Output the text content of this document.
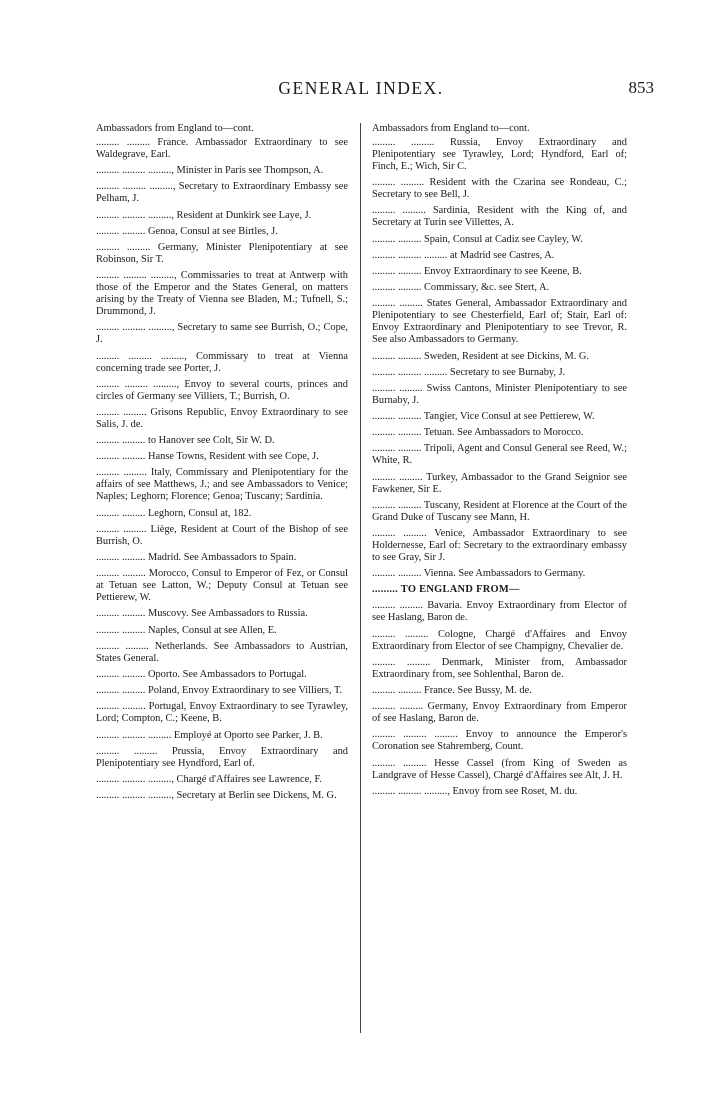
GENERAL INDEX.	853
Ambassadors from England to—cont.
......... ......... France. Ambassador Extraordinary to see Waldegrave, Earl.
......... ......... ........., Minister in Paris see Thompson, A.
......... ......... ........., Secretary to Extraordinary Embassy see Pelham, J.
......... ......... ........., Resident at Dunkirk see Laye, J.
......... ......... Genoa, Consul at see Birtles, J.
......... ......... Germany, Minister Plenipotentiary at see Robinson, Sir T.
......... ......... ........., Commissaries to treat at Antwerp with those of the Emperor and the States General, on matters arising by the Treaty of Vienna see Bladen, M.; Tufnell, S.; Drummond, J.
......... ......... ........., Secretary to same see Burrish, O.; Cope, J.
......... ......... ........., Commissary to treat at Vienna concerning trade see Porter, J.
......... ......... ........., Envoy to several courts, princes and circles of Germany see Villiers, T.; Burrish, O.
......... ......... Grisons Republic, Envoy Extraordinary to see Salis, J. de.
......... ......... to Hanover see Colt, Sir W. D.
......... ......... Hanse Towns, Resident with see Cope, J.
......... ......... Italy, Commissary and Plenipotentiary for the affairs of see Matthews, J.; and see Ambassadors to Venice; Naples; Leghorn; Florence; Genoa; Tuscany; Sardinia.
......... ......... Leghorn, Consul at, 182.
......... ......... Liège, Resident at Court of the Bishop of see Burrish, O.
......... ......... Madrid. See Ambassadors to Spain.
......... ......... Morocco, Consul to Emperor of Fez, or Consul at Tetuan see Latton, W.; Deputy Consul at Tetuan see Pettierew, W.
......... ......... Muscovy. See Ambassadors to Russia.
......... ......... Naples, Consul at see Allen, E.
......... ......... Netherlands. See Ambassadors to Austrian, States General.
......... ......... Oporto. See Ambassadors to Portugal.
......... ......... Poland, Envoy Extraordinary to see Villiers, T.
......... ......... Portugal, Envoy Extraordinary to see Tyrawley, Lord; Compton, C.; Keene, B.
......... ......... ......... Employé at Oporto see Parker, J. B.
......... ......... Prussia, Envoy Extraordinary and Plenipotentiary see Hyndford, Earl of.
......... ......... ........., Chargé d'Affaires see Lawrence, F.
......... ......... ........., Secretary at Berlin see Dickens, M. G.
Ambassadors from England to—cont.
......... ......... Russia, Envoy Extraordinary and Plenipotentiary see Tyrawley, Lord; Hyndford, Earl of; Finch, E.; Wich, Sir C.
......... ......... Resident with the Czarina see Rondeau, C.; Secretary to see Bell, J.
......... ......... Sardinia, Resident with the King of, and Secretary at Turin see Villettes, A.
......... ......... Spain, Consul at Cadiz see Cayley, W.
......... ......... ......... at Madrid see Castres, A.
......... ......... Envoy Extraordinary to see Keene, B.
......... ......... Commissary, &c. see Stert, A.
......... ......... States General, Ambassador Extraordinary and Plenipotentiary to see Chesterfield, Earl of; Stair, Earl of: Envoy Extraordinary and Plenipotentiary to see Trevor, R. See also Ambassadors to Germany.
......... ......... Sweden, Resident at see Dickins, M. G.
......... ......... ......... Secretary to see Burnaby, J.
......... ......... Swiss Cantons, Minister Plenipotentiary to see Burnaby, J.
......... ......... Tangier, Vice Consul at see Pettierew, W.
......... ......... Tetuan. See Ambassadors to Morocco.
......... ......... Tripoli, Agent and Consul General see Reed, W.; White, R.
......... ......... Turkey, Ambassador to the Grand Seignior see Fawkener, Sir E.
......... ......... Tuscany, Resident at Florence at the Court of the Grand Duke of Tuscany see Mann, H.
......... ......... Venice, Ambassador Extraordinary to see Holdernesse, Earl of: Secretary to the extraordinary embassy to see Gray, Sir J.
......... ......... Vienna. See Ambassadors to Germany.
......... TO ENGLAND FROM—
......... ......... Bavaria. Envoy Extraordinary from Elector of see Haslang, Baron de.
......... ......... Cologne, Chargé d'Affaires and Envoy Extraordinary from Elector of see Champigny, Chevalier de.
......... ......... Denmark, Minister from, Ambassador Extraordinary from, see Sohlenthal, Baron de.
......... ......... France. See Bussy, M. de.
......... ......... Germany, Envoy Extraordinary from Emperor of see Haslang, Baron de.
......... ......... ......... Envoy to announce the Emperor's Coronation see Stahremberg, Count.
......... ......... Hesse Cassel (from King of Sweden as Landgrave of Hesse Cassel), Chargé d'Affaires see Alt, J. H.
......... ......... ........., Envoy from see Roset, M. du.
